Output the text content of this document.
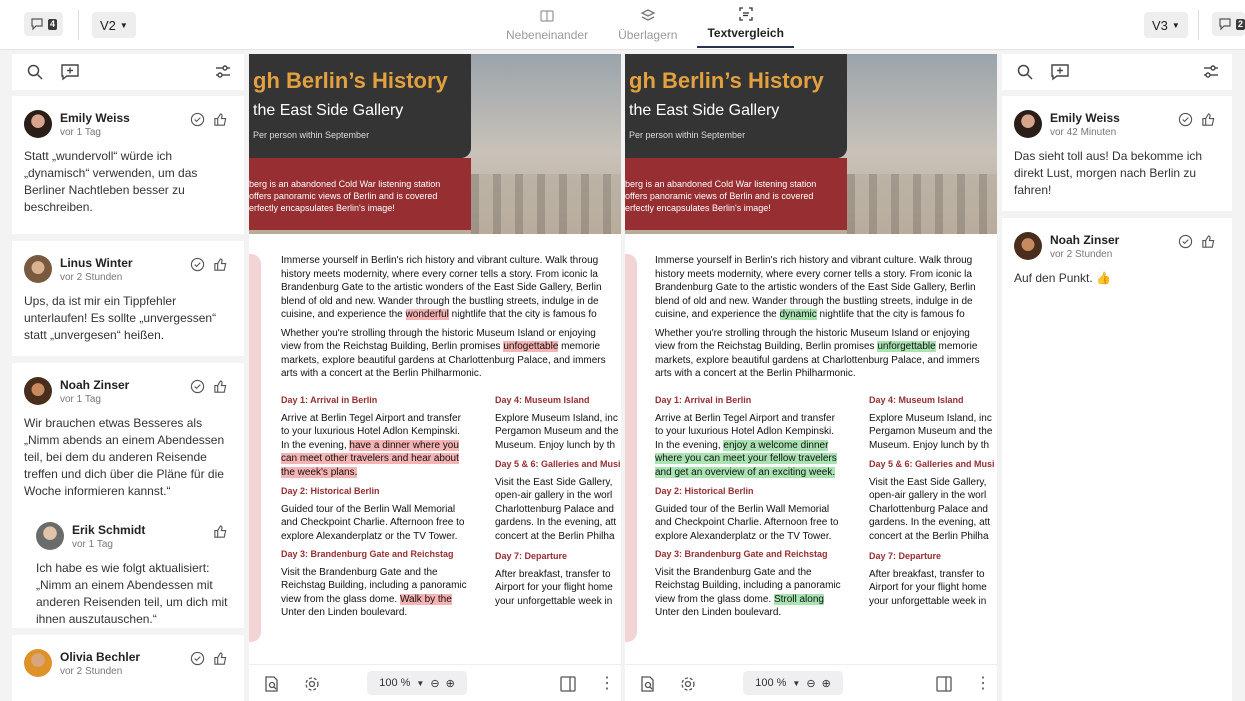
4	V2 ▼
Nebeneinander	Überlagern	Textvergleich
V3 ▼	2
Emily Weiss
vor 1 Tag
Statt „wundervoll“ würde ich „dynamisch“ verwenden, um das Berliner Nachtleben besser zu beschreiben.
Linus Winter
vor 2 Stunden
Ups, da ist mir ein Tippfehler unterlaufen! Es sollte „unvergessen“ statt „unvergesen“ heißen.
Noah Zinser
vor 1 Tag
Wir brauchen etwas Besseres als „Nimm abends an einem Abendessen teil, bei dem du anderen Reisende treffen und dich über die Pläne für die Woche informieren kannst.“
Erik Schmidt
vor 1 Tag
Ich habe es wie folgt aktualisiert: „Nimm an einem Abendessen mit anderen Reisenden teil, um dich mit ihnen auszutauschen.“
Olivia Bechler
vor 2 Stunden
gh Berlin’s History
the East Side Gallery
Per person within September
berg is an abandoned Cold War listening station
offers panoramic views of Berlin and is covered
erfectly encapsulates Berlin's image!

Immerse yourself in Berlin's rich history and vibrant culture. Walk throug
history meets modernity, where every corner tells a story. From iconic la
Brandenburg Gate to the artistic wonders of the East Side Gallery, Berlin
blend of old and new. Wander through the bustling streets, indulge in de
cuisine, and experience the wonderful nightlife that the city is famous fo

Whether you're strolling through the historic Museum Island or enjoying
view from the Reichstag Building, Berlin promises unfogettable memorie
markets, explore beautiful gardens at Charlottenburg Palace, and immers
arts with a concert at the Berlin Philharmonic.

Day 1: Arrival in Berlin
Arrive at Berlin Tegel Airport and transfer
to your luxurious Hotel Adlon Kempinski.
In the evening, have a dinner where you
can meet other travelers and hear about
the week's plans.
Day 2: Historical Berlin
Guided tour of the Berlin Wall Memorial
and Checkpoint Charlie. Afternoon free to
explore Alexanderplatz or the TV Tower.
Day 3: Brandenburg Gate and Reichstag
Visit the Brandenburg Gate and the
Reichstag Building, including a panoramic
view from the glass dome. Walk by the
Unter den Linden boulevard.
Day 4: Museum Island
Explore Museum Island, inc
Pergamon Museum and the
Museum. Enjoy lunch by th
Day 5 & 6: Galleries and Musi
Visit the East Side Gallery,
open-air gallery in the worl
Charlottenburg Palace and
gardens. In the evening, att
concert at the Berlin Philha
Day 7: Departure
After breakfast, transfer to
Airport for your flight home
your unforgettable week in
gh Berlin’s History
the East Side Gallery
Per person within September
berg is an abandoned Cold War listening station
offers panoramic views of Berlin and is covered
erfectly encapsulates Berlin's image!

Immerse yourself in Berlin's rich history and vibrant culture. Walk throug
history meets modernity, where every corner tells a story. From iconic la
Brandenburg Gate to the artistic wonders of the East Side Gallery, Berlin
blend of old and new. Wander through the bustling streets, indulge in de
cuisine, and experience the dynamic nightlife that the city is famous fo

Whether you're strolling through the historic Museum Island or enjoying
view from the Reichstag Building, Berlin promises unforgettable memorie
markets, explore beautiful gardens at Charlottenburg Palace, and immers
arts with a concert at the Berlin Philharmonic.

Day 1: Arrival in Berlin
Arrive at Berlin Tegel Airport and transfer
to your luxurious Hotel Adlon Kempinski.
In the evening, enjoy a welcome dinner
where you can meet your fellow travelers
and get an overview of an exciting week.
Day 2: Historical Berlin
Guided tour of the Berlin Wall Memorial
and Checkpoint Charlie. Afternoon free to
explore Alexanderplatz or the TV Tower.
Day 3: Brandenburg Gate and Reichstag
Visit the Brandenburg Gate and the
Reichstag Building, including a panoramic
view from the glass dome. Stroll along
Unter den Linden boulevard.
Day 4: Museum Island
Explore Museum Island, inc
Pergamon Museum and the
Museum. Enjoy lunch by th
Day 5 & 6: Galleries and Musi
Visit the East Side Gallery,
open-air gallery in the worl
Charlottenburg Palace and
gardens. In the evening, att
concert at the Berlin Philha
Day 7: Departure
After breakfast, transfer to
Airport for your flight home
your unforgettable week in
100 % ▼ ⊖ ⊕	⋮	100 % ▼ ⊖ ⊕	⋮
Emily Weiss
vor 42 Minuten
Das sieht toll aus! Da bekomme ich direkt Lust, morgen nach Berlin zu fahren!
Noah Zinser
vor 2 Stunden
Auf den Punkt. 👍
